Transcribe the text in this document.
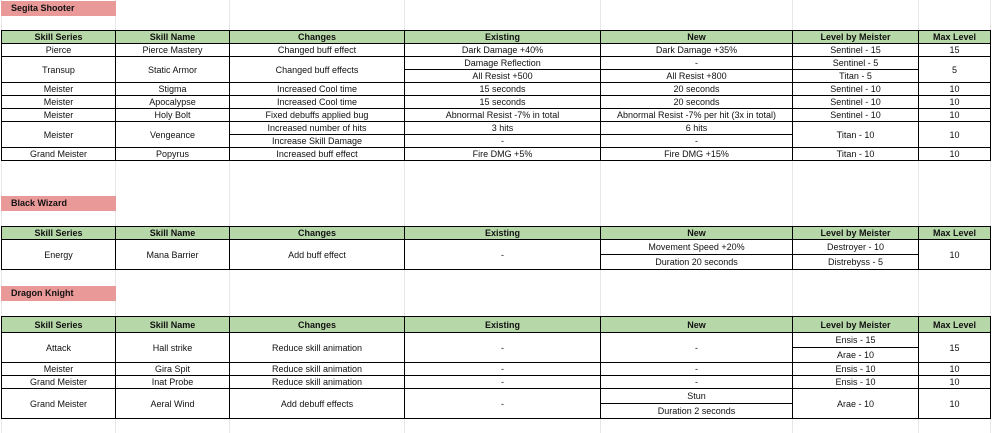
Segita Shooter
Skill Series	Skill Name	Changes	Existing	New	Level by Meister	Max Level
Pierce	Pierce Mastery	Changed buff effect	Dark Damage +40%	Dark Damage +35%	Sentinel - 15	15
Transup	Static Armor	Changed buff effects	Damage Reflection	-	Sentinel - 5	5
			All Resist +500	All Resist +800	Titan - 5	
Meister	Stigma	Increased Cool time	15 seconds	20 seconds	Sentinel - 10	10
Meister	Apocalypse	Increased Cool time	15 seconds	20 seconds	Sentinel - 10	10
Meister	Holy Bolt	Fixed debuffs applied bug	Abnormal Resist -7% in total	Abnormal Resist -7% per hit (3x in total)	Sentinel - 10	10
Meister	Vengeance	Increased number of hits	3 hits	6 hits	Titan - 10	10
		Increase Skill Damage	-	-		
Grand Meister	Popyrus	Increased buff effect	Fire DMG +5%	Fire DMG +15%	Titan - 10	10
Black Wizard
Skill Series	Skill Name	Changes	Existing	New	Level by Meister	Max Level
Energy	Mana Barrier	Add buff effect	-	Movement Speed +20%	Destroyer - 10	10
				Duration 20 seconds	Distrebyss - 5	
Dragon Knight
Skill Series	Skill Name	Changes	Existing	New	Level by Meister	Max Level
Attack	Hall strike	Reduce skill animation	-	-	Ensis - 15	15
					Arae - 10	
Meister	Gira Spit	Reduce skill animation	-	-	Ensis - 10	10
Grand Meister	Inat Probe	Reduce skill animation	-	-	Ensis - 10	10
Grand Meister	Aeral Wind	Add debuff effects	-	Stun	Arae - 10	10
				Duration 2 seconds		
